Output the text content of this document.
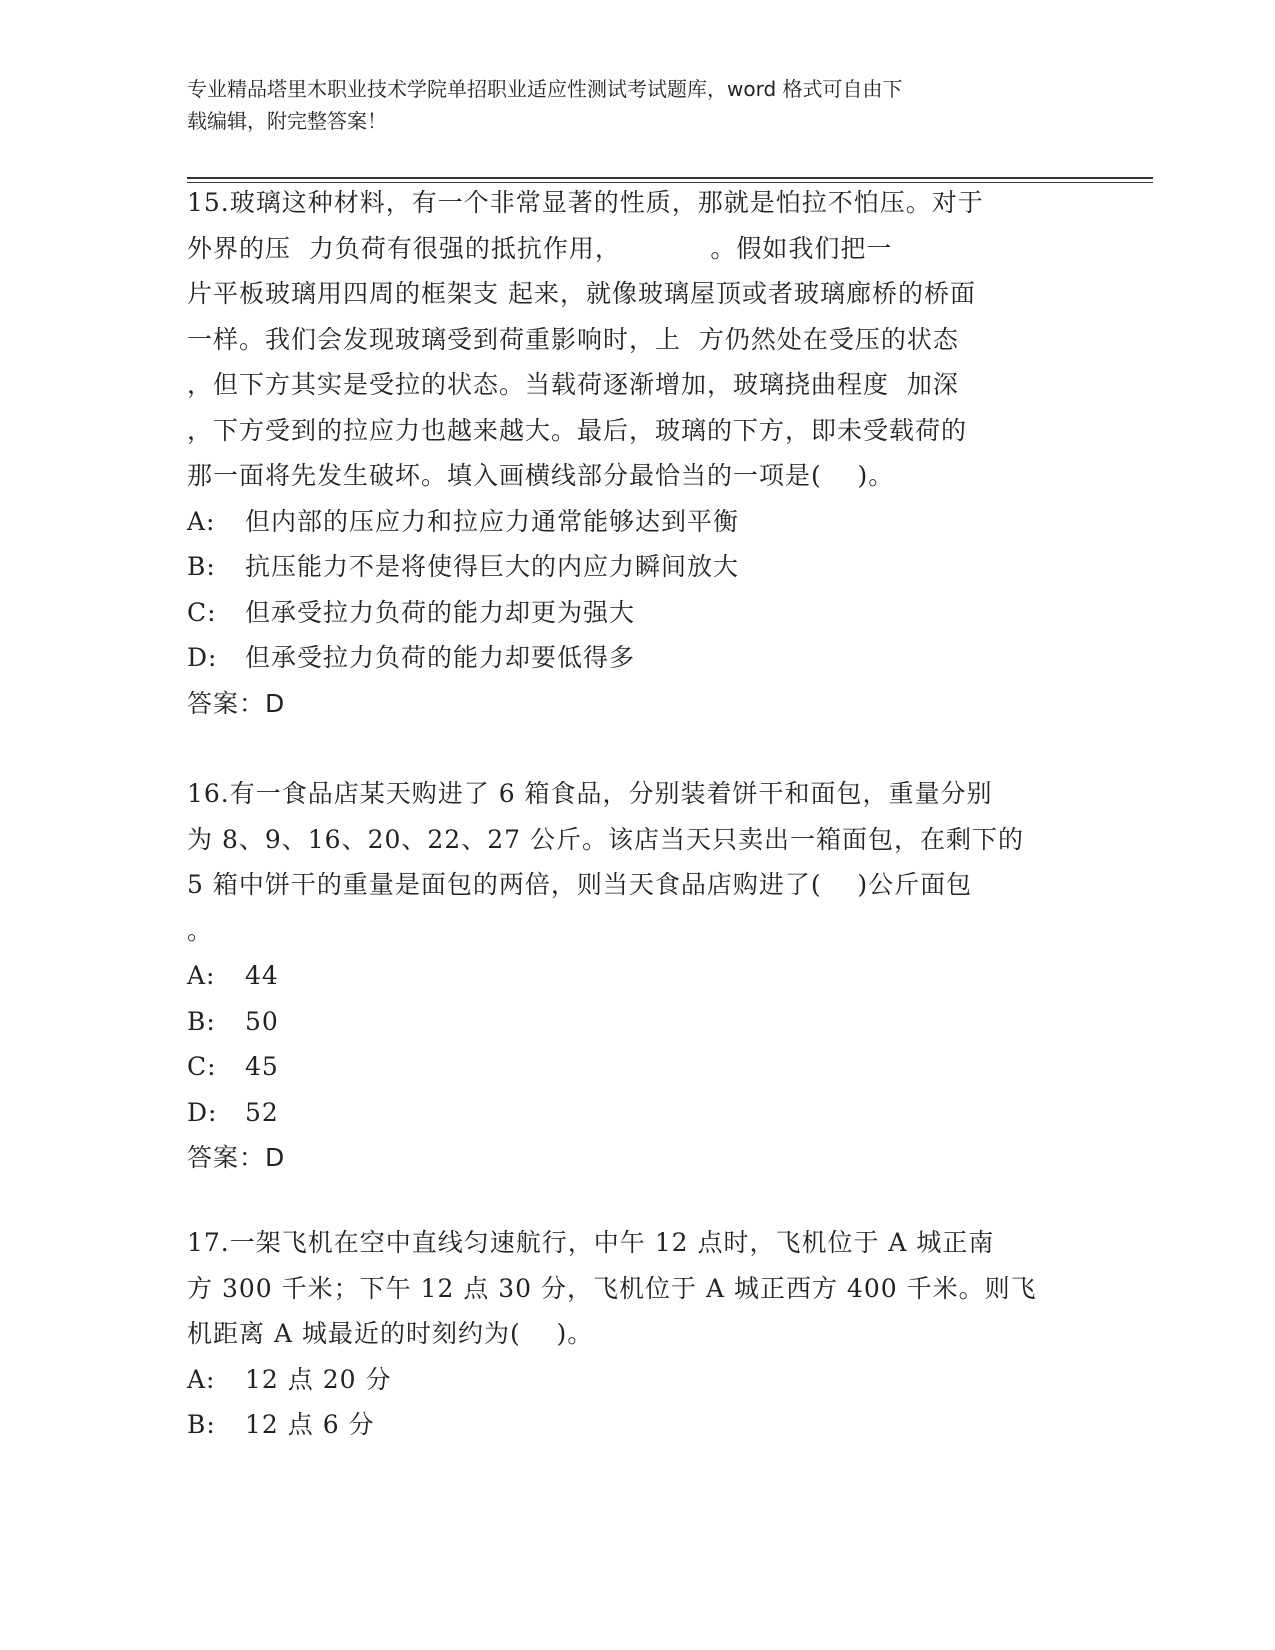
专业精品塔里木职业技术学院单招职业适应性测试考试题库，word 格式可自由下
载编辑，附完整答案！

15.玻璃这种材料，有一个非常显著的性质，那就是怕拉不怕压。对于

外界的压  力负荷有很强的抵抗作用，          。假如我们把一

片平板玻璃用四周的框架支 起来，就像玻璃屋顶或者玻璃廊桥的桥面

一样。我们会发现玻璃受到荷重影响时，上  方仍然处在受压的状态

，但下方其实是受拉的状态。当载荷逐渐增加，玻璃挠曲程度  加深

，下方受到的拉应力也越来越大。最后，玻璃的下方，即未受载荷的

那一面将先发生破坏。填入画横线部分最恰当的一项是(    )。

A:	但内部的压应力和拉应力通常能够达到平衡
B:	抗压能力不是将使得巨大的内应力瞬间放大
C:	但承受拉力负荷的能力却更为强大
D:	但承受拉力负荷的能力却要低得多

答案：D

16.有一食品店某天购进了 6 箱食品，分别装着饼干和面包，重量分别

为 8、9、16、20、22、27 公斤。该店当天只卖出一箱面包，在剩下的

5 箱中饼干的重量是面包的两倍，则当天食品店购进了(    )公斤面包

。

A:	44
B:	50
C:	45
D:	52

答案：D

17.一架飞机在空中直线匀速航行，中午 12 点时，飞机位于 A 城正南

方 300 千米；下午 12 点 30 分，飞机位于 A 城正西方 400 千米。则飞

机距离 A 城最近的时刻约为(    )。

A:	12 点 20 分
B:	12 点 6 分
